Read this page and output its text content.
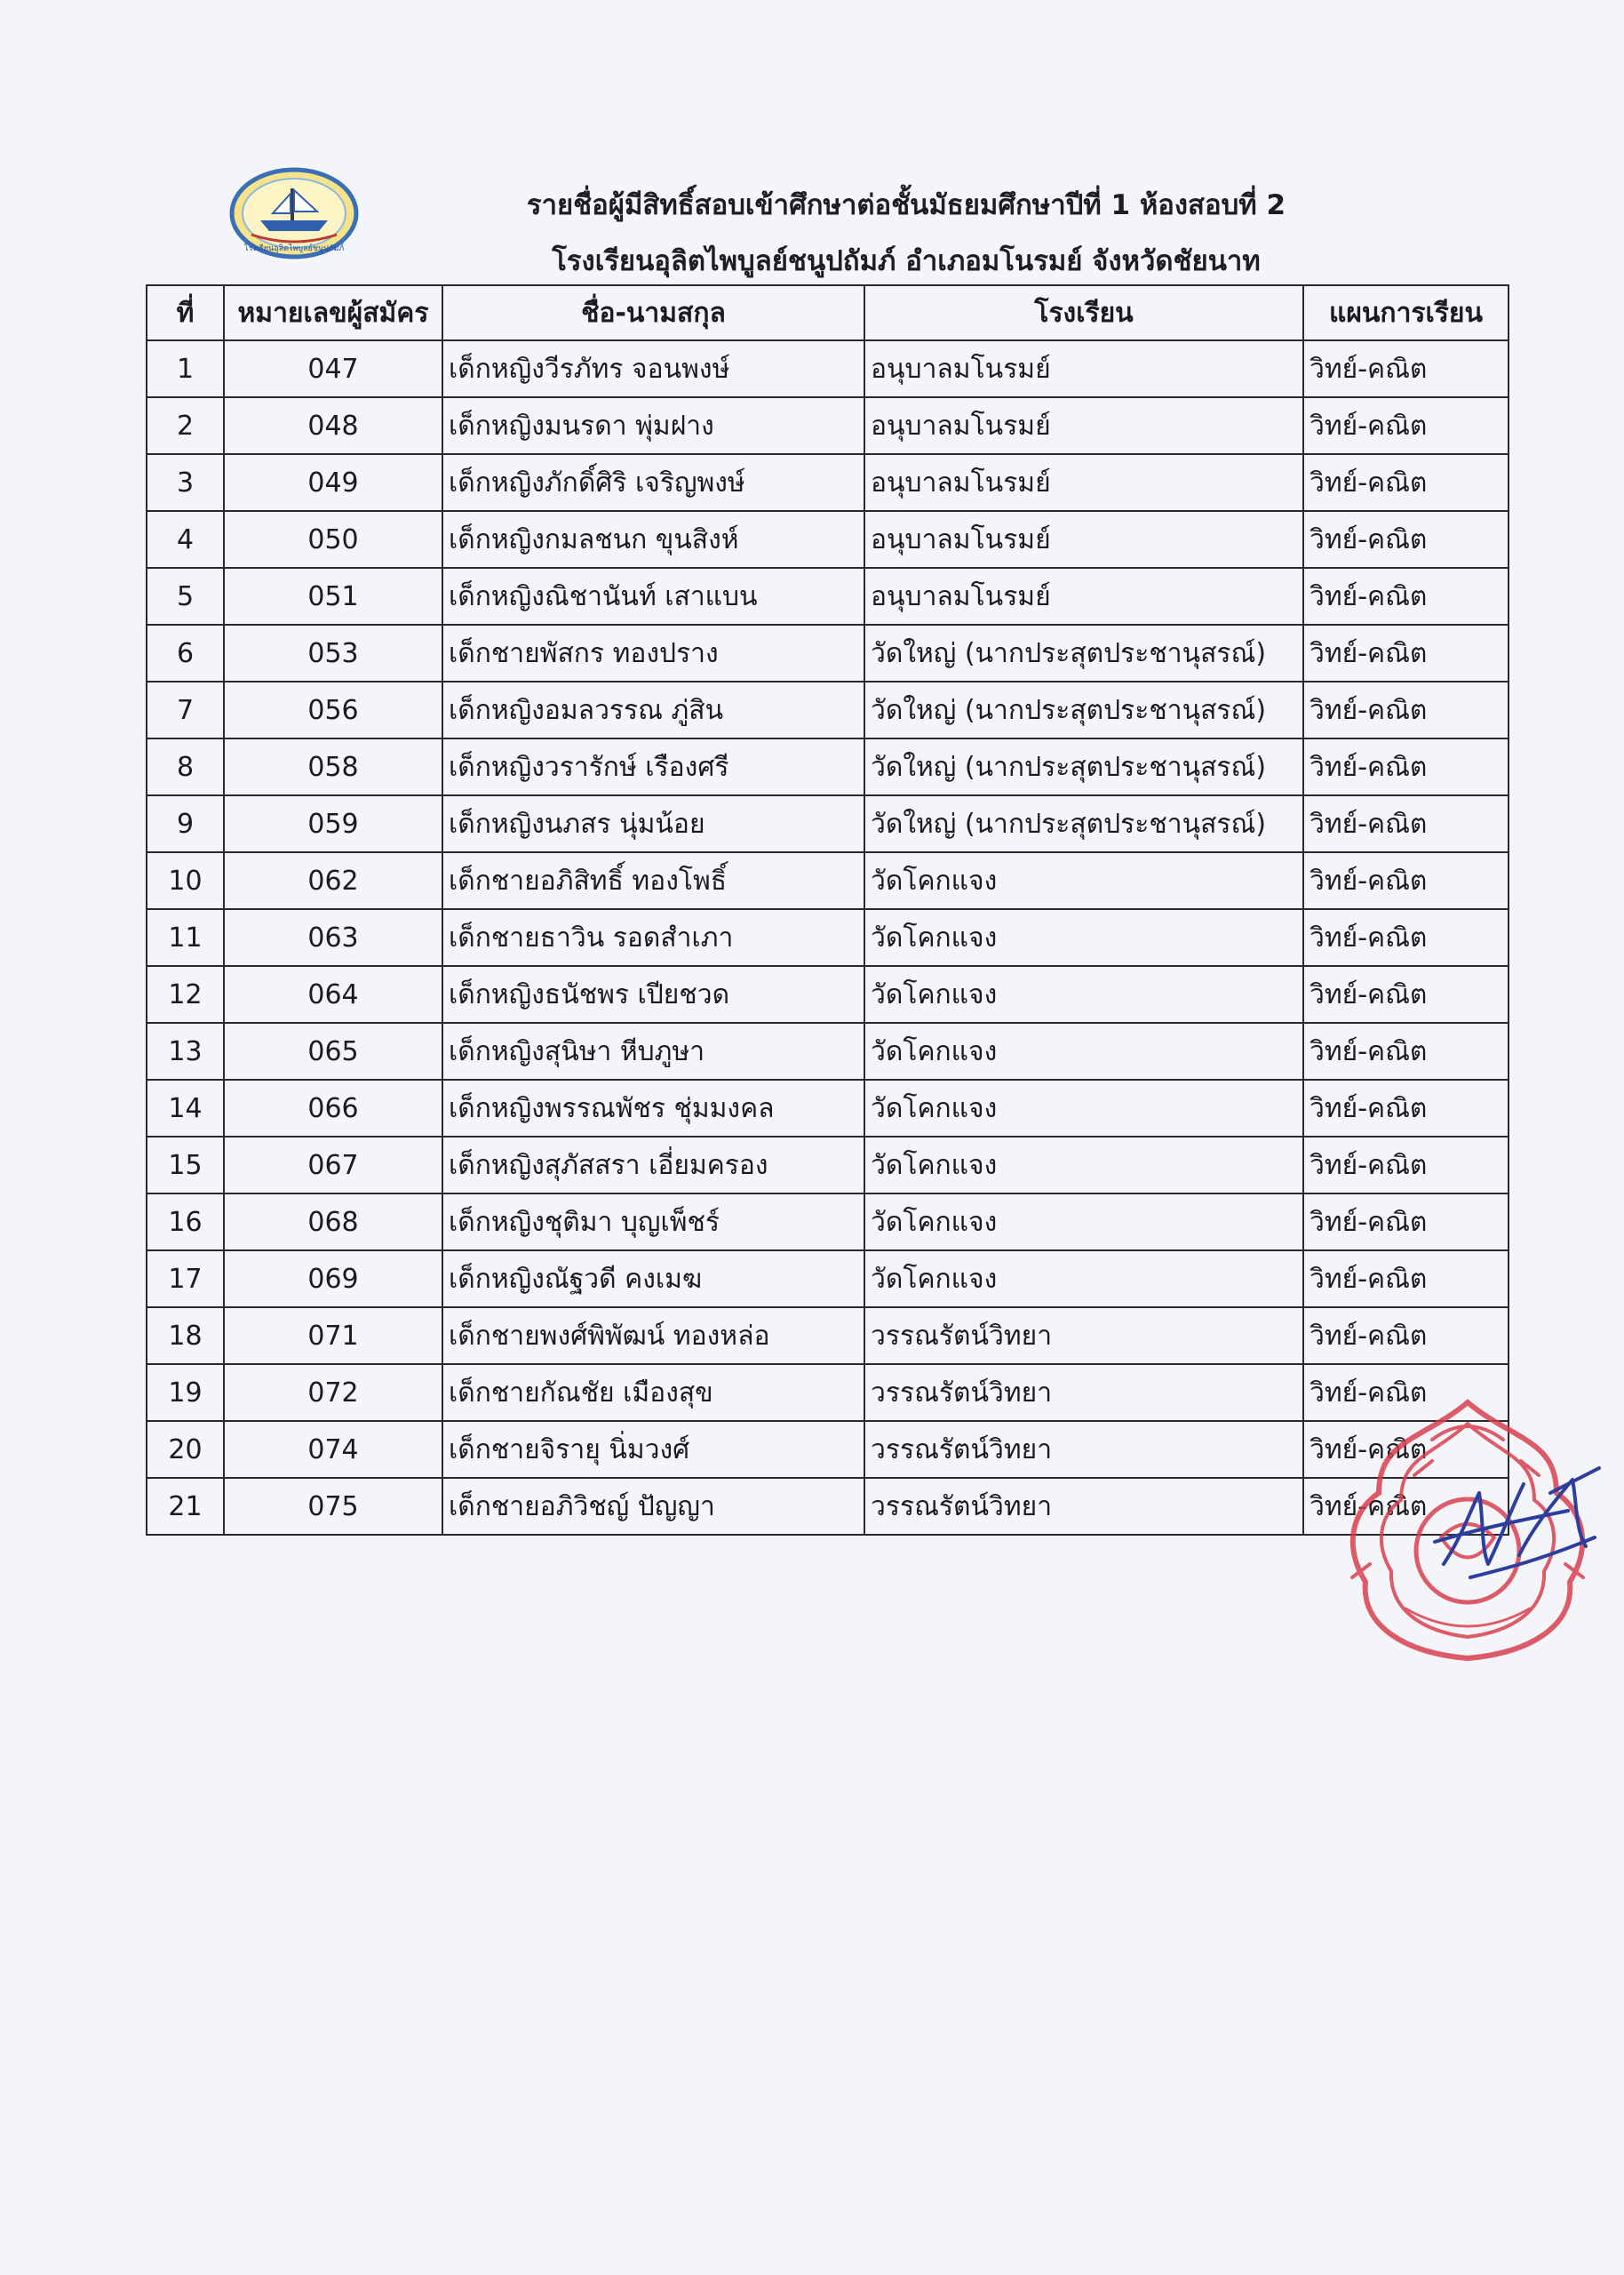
โรงเรียนอุลิตไพบูลย์ชนูปถัมภ์
รายชื่อผู้มีสิทธิ์สอบเข้าศึกษาต่อชั้นมัธยมศึกษาปีที่ 1 ห้องสอบที่ 2
โรงเรียนอุลิตไพบูลย์ชนูปถัมภ์ อำเภอมโนรมย์ จังหวัดชัยนาท
ที่	หมายเลขผู้สมัคร	ชื่อ-นามสกุล	โรงเรียน	แผนการเรียน
1	047	เด็กหญิงวีรภัทร จอนพงษ์	อนุบาลมโนรมย์	วิทย์-คณิต
2	048	เด็กหญิงมนรดา พุ่มฝาง	อนุบาลมโนรมย์	วิทย์-คณิต
3	049	เด็กหญิงภักดิ์ศิริ เจริญพงษ์	อนุบาลมโนรมย์	วิทย์-คณิต
4	050	เด็กหญิงกมลชนก ขุนสิงห์	อนุบาลมโนรมย์	วิทย์-คณิต
5	051	เด็กหญิงณิชานันท์ เสาแบน	อนุบาลมโนรมย์	วิทย์-คณิต
6	053	เด็กชายพัสกร ทองปราง	วัดใหญ่ (นากประสุตประชานุสรณ์)	วิทย์-คณิต
7	056	เด็กหญิงอมลวรรณ ภู่สิน	วัดใหญ่ (นากประสุตประชานุสรณ์)	วิทย์-คณิต
8	058	เด็กหญิงวรารักษ์ เรืองศรี	วัดใหญ่ (นากประสุตประชานุสรณ์)	วิทย์-คณิต
9	059	เด็กหญิงนภสร นุ่มน้อย	วัดใหญ่ (นากประสุตประชานุสรณ์)	วิทย์-คณิต
10	062	เด็กชายอภิสิทธิ์ ทองโพธิ์	วัดโคกแจง	วิทย์-คณิต
11	063	เด็กชายธาวิน รอดสำเภา	วัดโคกแจง	วิทย์-คณิต
12	064	เด็กหญิงธนัชพร เปียชวด	วัดโคกแจง	วิทย์-คณิต
13	065	เด็กหญิงสุนิษา หีบภูษา	วัดโคกแจง	วิทย์-คณิต
14	066	เด็กหญิงพรรณพัชร ชุ่มมงคล	วัดโคกแจง	วิทย์-คณิต
15	067	เด็กหญิงสุภัสสรา เอี่ยมครอง	วัดโคกแจง	วิทย์-คณิต
16	068	เด็กหญิงชุติมา บุญเพ็ชร์	วัดโคกแจง	วิทย์-คณิต
17	069	เด็กหญิงณัฐวดี คงเมฆ	วัดโคกแจง	วิทย์-คณิต
18	071	เด็กชายพงศ์พิพัฒน์ ทองหล่อ	วรรณรัตน์วิทยา	วิทย์-คณิต
19	072	เด็กชายกัณชัย เมืองสุข	วรรณรัตน์วิทยา	วิทย์-คณิต
20	074	เด็กชายจิรายุ นิ่มวงศ์	วรรณรัตน์วิทยา	วิทย์-คณิต
21	075	เด็กชายอภิวิชญ์ ปัญญา	วรรณรัตน์วิทยา	วิทย์-คณิต
